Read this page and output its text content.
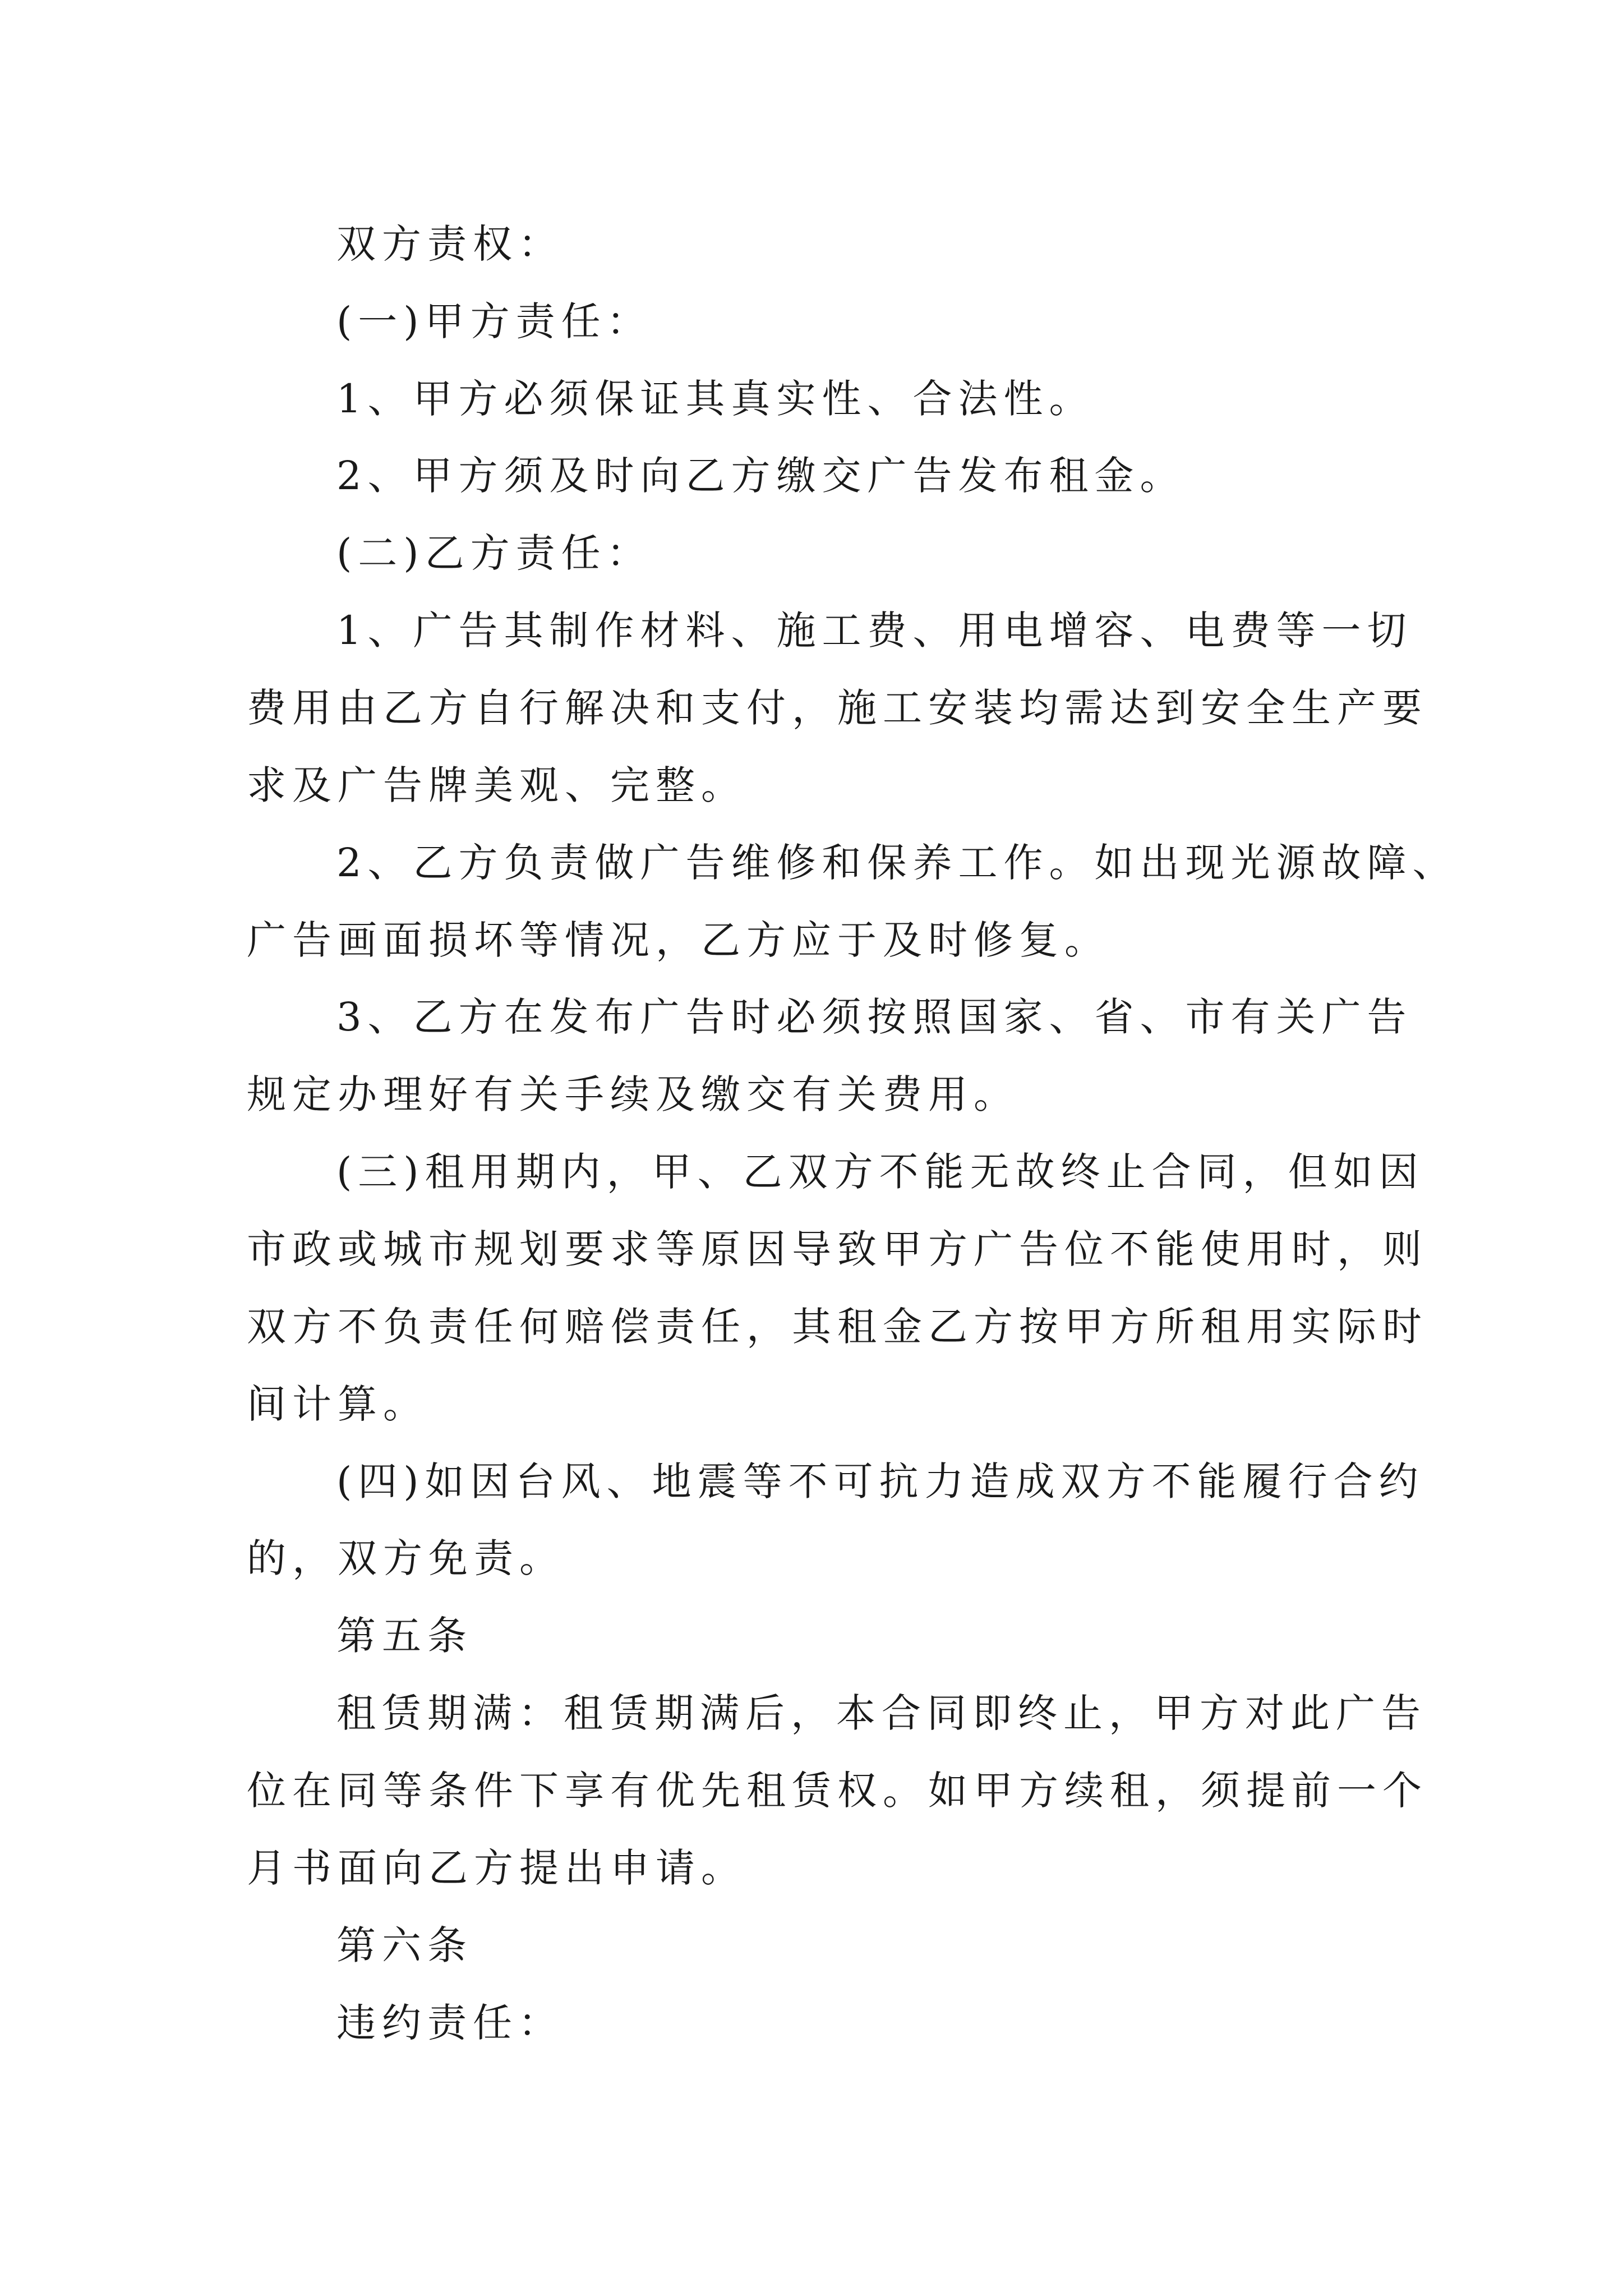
双方责权：
(一)甲方责任：
1、甲方必须保证其真实性、合法性。
2、甲方须及时向乙方缴交广告发布租金。
(二)乙方责任：
1、广告其制作材料、施工费、用电增容、电费等一切
费用由乙方自行解决和支付，施工安装均需达到安全生产要
求及广告牌美观、完整。
2、乙方负责做广告维修和保养工作。如出现光源故障、
广告画面损坏等情况，乙方应于及时修复。
3、乙方在发布广告时必须按照国家、省、市有关广告
规定办理好有关手续及缴交有关费用。
(三)租用期内，甲、乙双方不能无故终止合同，但如因
市政或城市规划要求等原因导致甲方广告位不能使用时，则
双方不负责任何赔偿责任，其租金乙方按甲方所租用实际时
间计算。
(四)如因台风、地震等不可抗力造成双方不能履行合约
的，双方免责。
第五条
租赁期满：租赁期满后，本合同即终止，甲方对此广告
位在同等条件下享有优先租赁权。如甲方续租，须提前一个
月书面向乙方提出申请。
第六条
违约责任：
